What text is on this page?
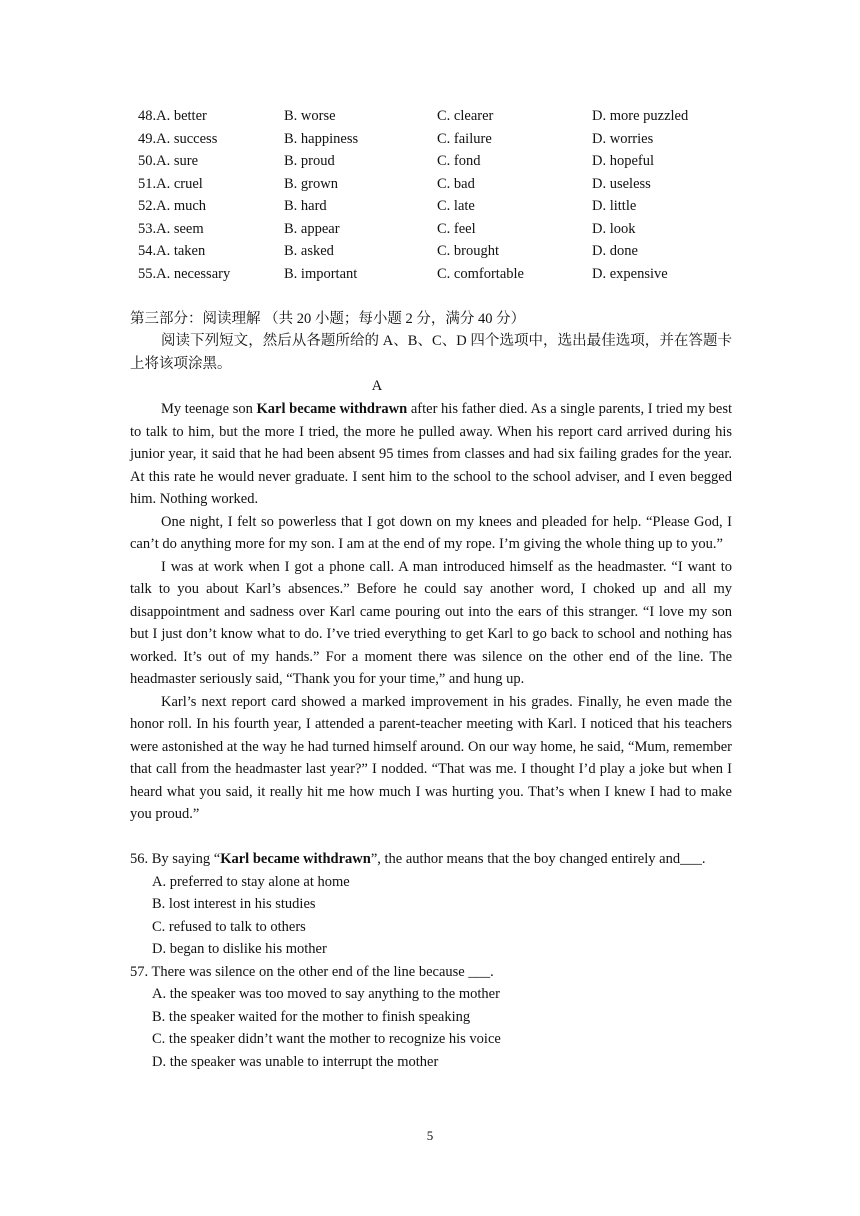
48.A. better	B. worse	C. clearer	D. more puzzled
49.A. success	B. happiness	C. failure	D. worries
50.A. sure	B. proud	C. fond	D. hopeful
51.A. cruel	B. grown	C. bad	D. useless
52.A. much	B. hard	C. late	D. little
53.A. seem	B. appear	C. feel	D. look
54.A. taken	B. asked	C. brought	D. done
55.A. necessary	B. important	C. comfortable	D. expensive
第三部分：阅读理解 （共 20 小题；每小题 2 分，满分 40 分）
阅读下列短文，然后从各题所给的 A、B、C、D 四个选项中，选出最佳选项，并在答题卡上将该项涂黑。
A

My teenage son Karl became withdrawn after his father died. As a single parents, I tried my best to talk to him, but the more I tried, the more he pulled away. When his report card arrived during his junior year, it said that he had been absent 95 times from classes and had six failing grades for the year. At this rate he would never graduate. I sent him to the school to the school adviser, and I even begged him. Nothing worked.

One night, I felt so powerless that I got down on my knees and pleaded for help. “Please God, I can’t do anything more for my son. I am at the end of my rope. I’m giving the whole thing up to you.”

I was at work when I got a phone call. A man introduced himself as the headmaster. “I want to talk to you about Karl’s absences.” Before he could say another word, I choked up and all my disappointment and sadness over Karl came pouring out into the ears of this stranger. “I love my son but I just don’t know what to do. I’ve tried everything to get Karl to go back to school and nothing has worked. It’s out of my hands.” For a moment there was silence on the other end of the line. The headmaster seriously said, “Thank you for your time,” and hung up.

Karl’s next report card showed a marked improvement in his grades. Finally, he even made the honor roll. In his fourth year, I attended a parent-teacher meeting with Karl. I noticed that his teachers were astonished at the way he had turned himself around. On our way home, he said, “Mum, remember that call from the headmaster last year?” I nodded. “That was me. I thought I’d play a joke but when I heard what you said, it really hit me how much I was hurting you. That’s when I knew I had to make you proud.”

56. By saying “Karl became withdrawn”, the author means that the boy changed entirely and___.

A. preferred to stay alone at home

B. lost interest in his studies

C. refused to talk to others

D. began to dislike his mother

57. There was silence on the other end of the line because ___.

A. the speaker was too moved to say anything to the mother

B. the speaker waited for the mother to finish speaking

C. the speaker didn’t want the mother to recognize his voice

D. the speaker was unable to interrupt the mother

5
